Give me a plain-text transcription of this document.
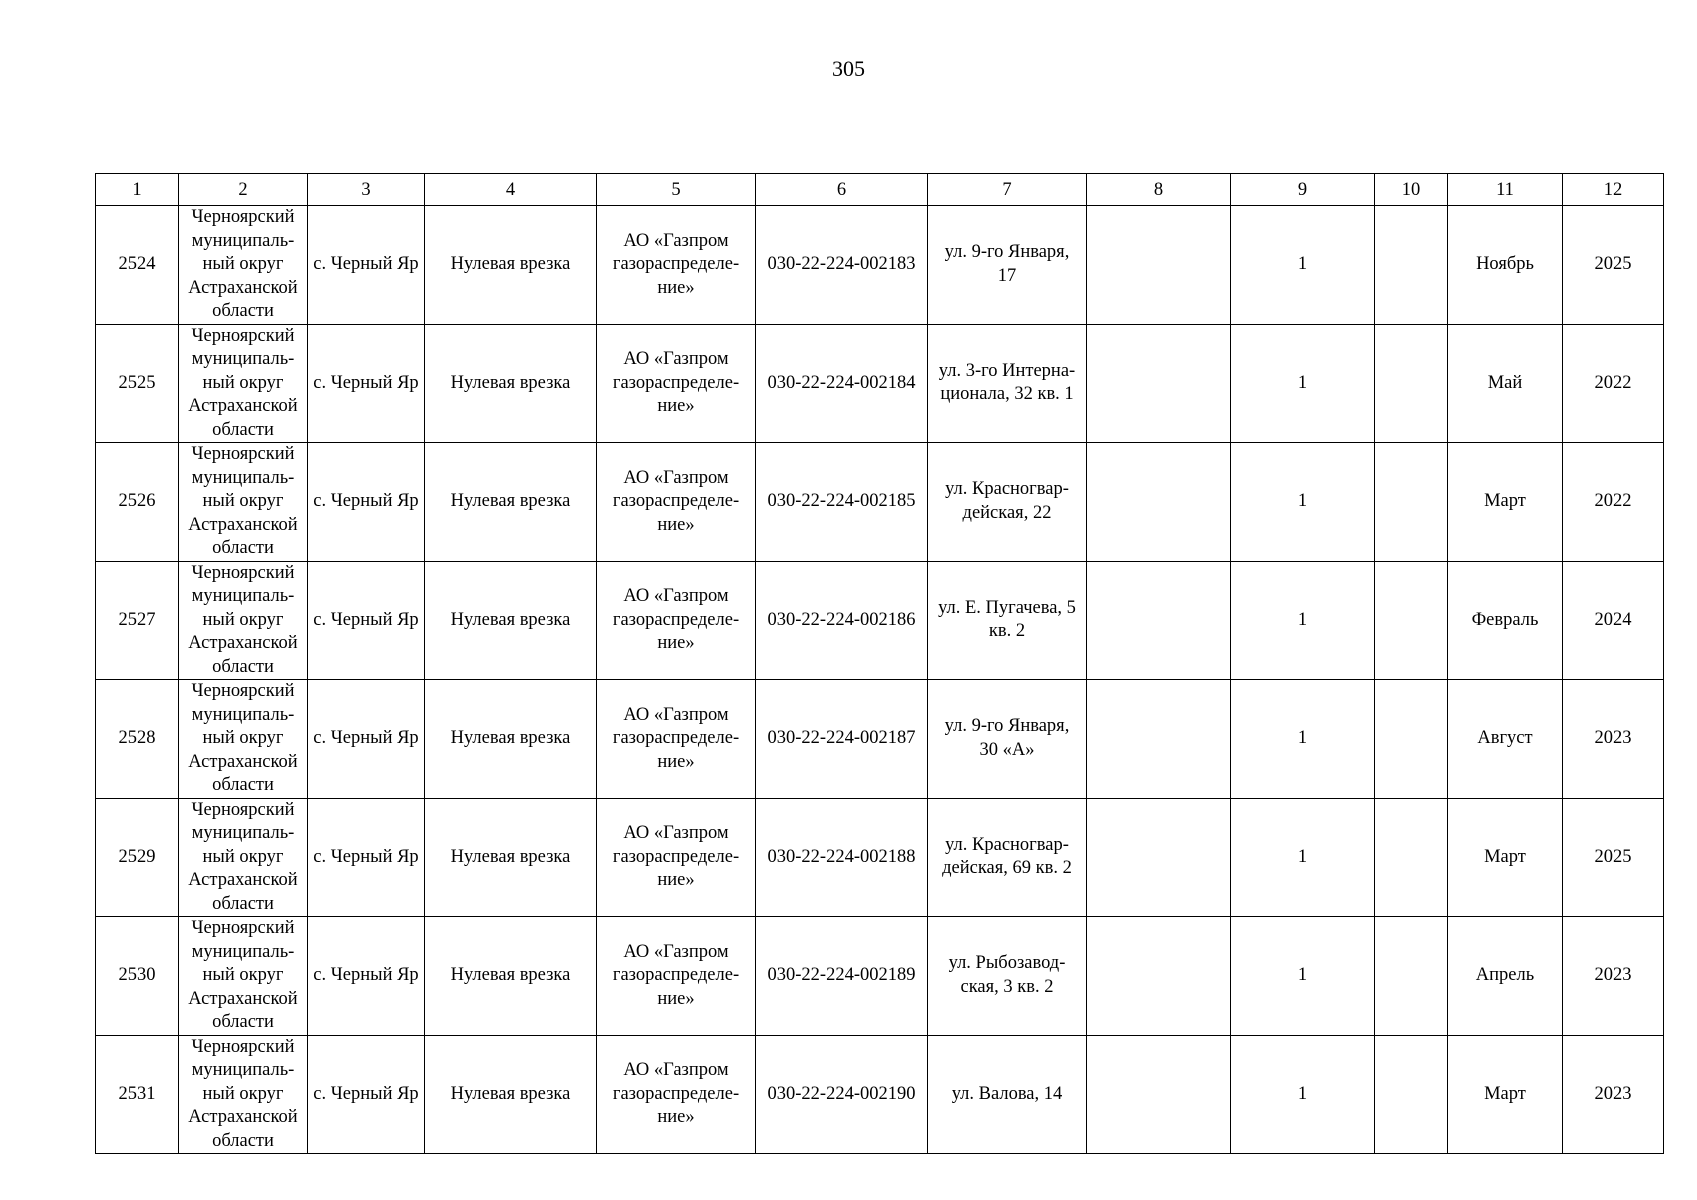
305
1	2	3	4	5	6	7	8	9	10	11	12
2524	Черноярский
муниципаль-
ный округ
Астраханской
области	с. Черный Яр	Нулевая врезка	АО «Газпром
газораспределе-
ние»	030-22-224-002183	ул. 9-го Января,
17		1		Ноябрь	2025
2525	Черноярский
муниципаль-
ный округ
Астраханской
области	с. Черный Яр	Нулевая врезка	АО «Газпром
газораспределе-
ние»	030-22-224-002184	ул. 3-го Интерна-
ционала, 32 кв. 1		1		Май	2022
2526	Черноярский
муниципаль-
ный округ
Астраханской
области	с. Черный Яр	Нулевая врезка	АО «Газпром
газораспределе-
ние»	030-22-224-002185	ул. Красногвар-
дейская, 22		1		Март	2022
2527	Черноярский
муниципаль-
ный округ
Астраханской
области	с. Черный Яр	Нулевая врезка	АО «Газпром
газораспределе-
ние»	030-22-224-002186	ул. Е. Пугачева, 5
кв. 2		1		Февраль	2024
2528	Черноярский
муниципаль-
ный округ
Астраханской
области	с. Черный Яр	Нулевая врезка	АО «Газпром
газораспределе-
ние»	030-22-224-002187	ул. 9-го Января,
30 «А»		1		Август	2023
2529	Черноярский
муниципаль-
ный округ
Астраханской
области	с. Черный Яр	Нулевая врезка	АО «Газпром
газораспределе-
ние»	030-22-224-002188	ул. Красногвар-
дейская, 69 кв. 2		1		Март	2025
2530	Черноярский
муниципаль-
ный округ
Астраханской
области	с. Черный Яр	Нулевая врезка	АО «Газпром
газораспределе-
ние»	030-22-224-002189	ул. Рыбозавод-
ская, 3 кв. 2		1		Апрель	2023
2531	Черноярский
муниципаль-
ный округ
Астраханской
области	с. Черный Яр	Нулевая врезка	АО «Газпром
газораспределе-
ние»	030-22-224-002190	ул. Валова, 14		1		Март	2023
